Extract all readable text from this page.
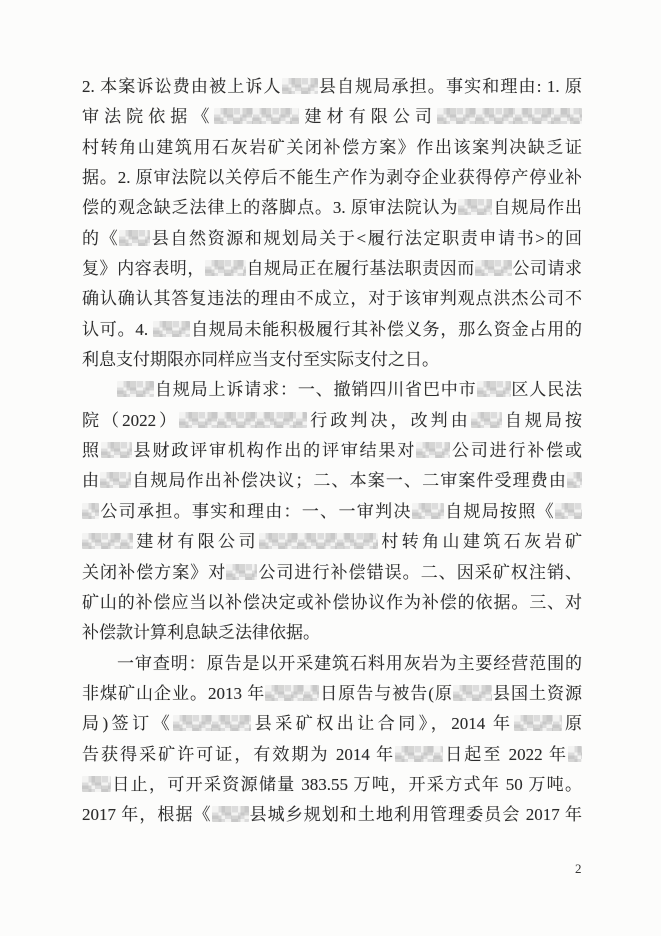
2. 本案诉讼费由被上诉人 县自规局承担。事实和理由: 1. 原
审法院依据《	建材有限公司
村转角山建筑用石灰岩矿关闭补偿方案》作出该案判决缺乏证
据。2. 原审法院以关停后不能生产作为剥夺企业获得停产停业补
偿的观念缺乏法律上的落脚点。3. 原审法院认为 自规局作出
的《 县自然资源和规划局关于<履行法定职责申请书>的回
复》内容表明， 自规局正在履行基法职责因而 公司请求
确认确认其答复违法的理由不成立，对于该审判观点洪杰公司不
认可。4. 自规局未能积极履行其补偿义务，那么资金占用的
利息支付期限亦同样应当支付至实际支付之日。
自规局上诉请求：一、撤销四川省巴中市 区人民法
院（2022）	行政判决，改判由 自规局按
照 县财政评审机构作出的评审结果对 公司进行补偿或
由 自规局作出补偿决议；二、本案一、二审案件受理费由
公司承担。事实和理由：一、一审判决 自规局按照《
建材有限公司	村转角山建筑石灰岩矿
关闭补偿方案》对 公司进行补偿错误。二、因采矿权注销、
矿山的补偿应当以补偿决定或补偿协议作为补偿的依据。三、对
补偿款计算利息缺乏法律依据。
一审查明：原告是以开采建筑石料用灰岩为主要经营范围的
非煤矿山企业。2013 年	日原告与被告(原 县国土资源
局)签订《	县采矿权出让合同》，2014 年	原
告获得采矿许可证，有效期为 2014 年	日起至 2022 年
日止，可开采资源储量 383.55 万吨，开采方式年 50 万吨。
2017 年，根据《 县城乡规划和土地利用管理委员会 2017 年
2
